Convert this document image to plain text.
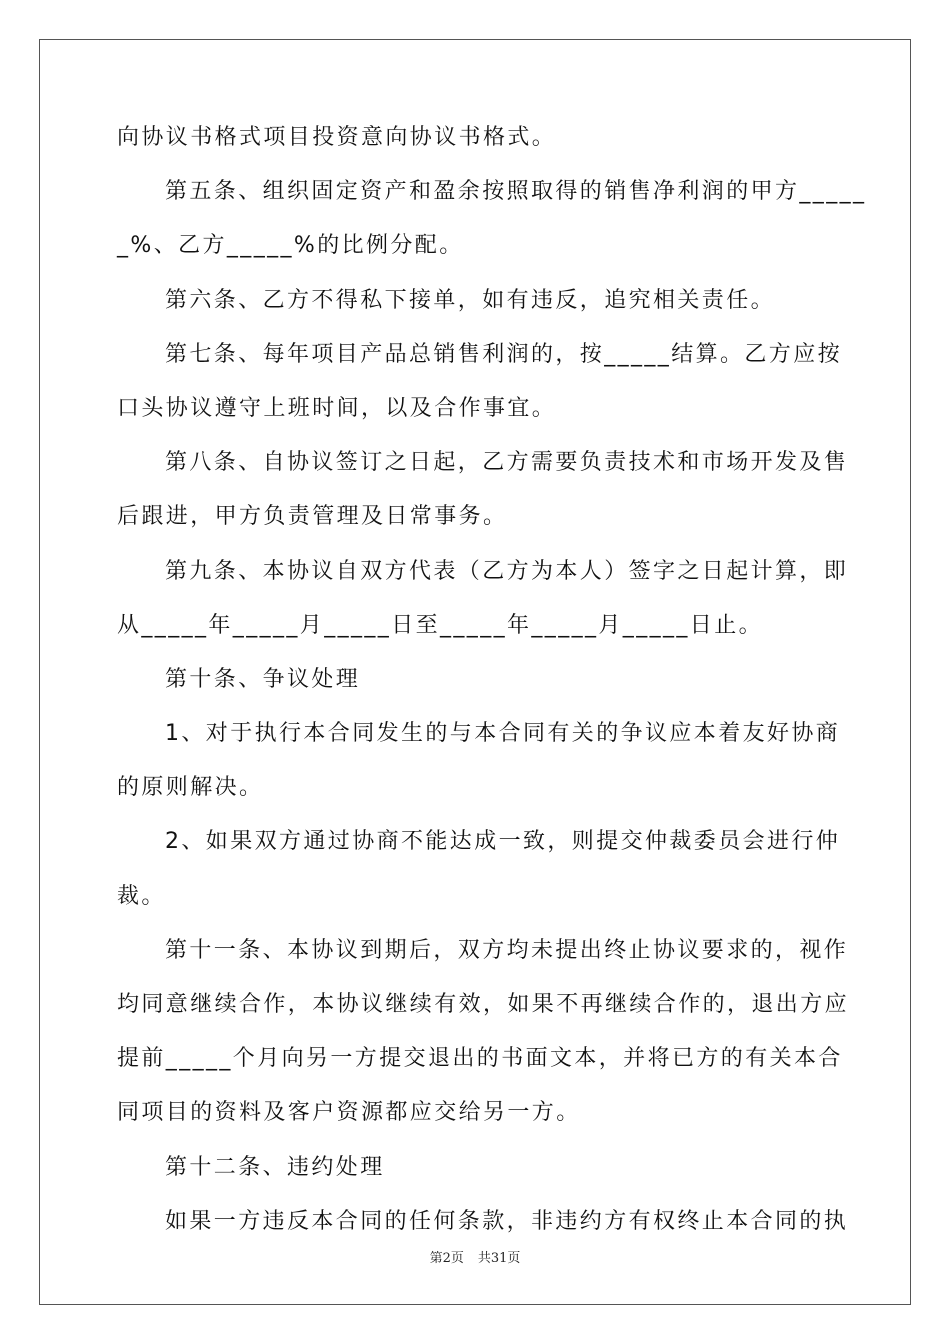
向协议书格式项目投资意向协议书格式。
第五条、组织固定资产和盈余按照取得的销售净利润的甲方_____
_%、乙方_____%的比例分配。
第六条、乙方不得私下接单，如有违反，追究相关责任。
第七条、每年项目产品总销售利润的，按_____结算。乙方应按
口头协议遵守上班时间，以及合作事宜。
第八条、自协议签订之日起，乙方需要负责技术和市场开发及售
后跟进，甲方负责管理及日常事务。
第九条、本协议自双方代表（乙方为本人）签字之日起计算，即
从_____年_____月_____日至_____年_____月_____日止。
第十条、争议处理
1、对于执行本合同发生的与本合同有关的争议应本着友好协商
的原则解决。
2、如果双方通过协商不能达成一致，则提交仲裁委员会进行仲
裁。
第十一条、本协议到期后，双方均未提出终止协议要求的，视作
均同意继续合作，本协议继续有效，如果不再继续合作的，退出方应
提前_____个月向另一方提交退出的书面文本，并将已方的有关本合
同项目的资料及客户资源都应交给另一方。
第十二条、违约处理
如果一方违反本合同的任何条款，非违约方有权终止本合同的执
第2页 共31页
